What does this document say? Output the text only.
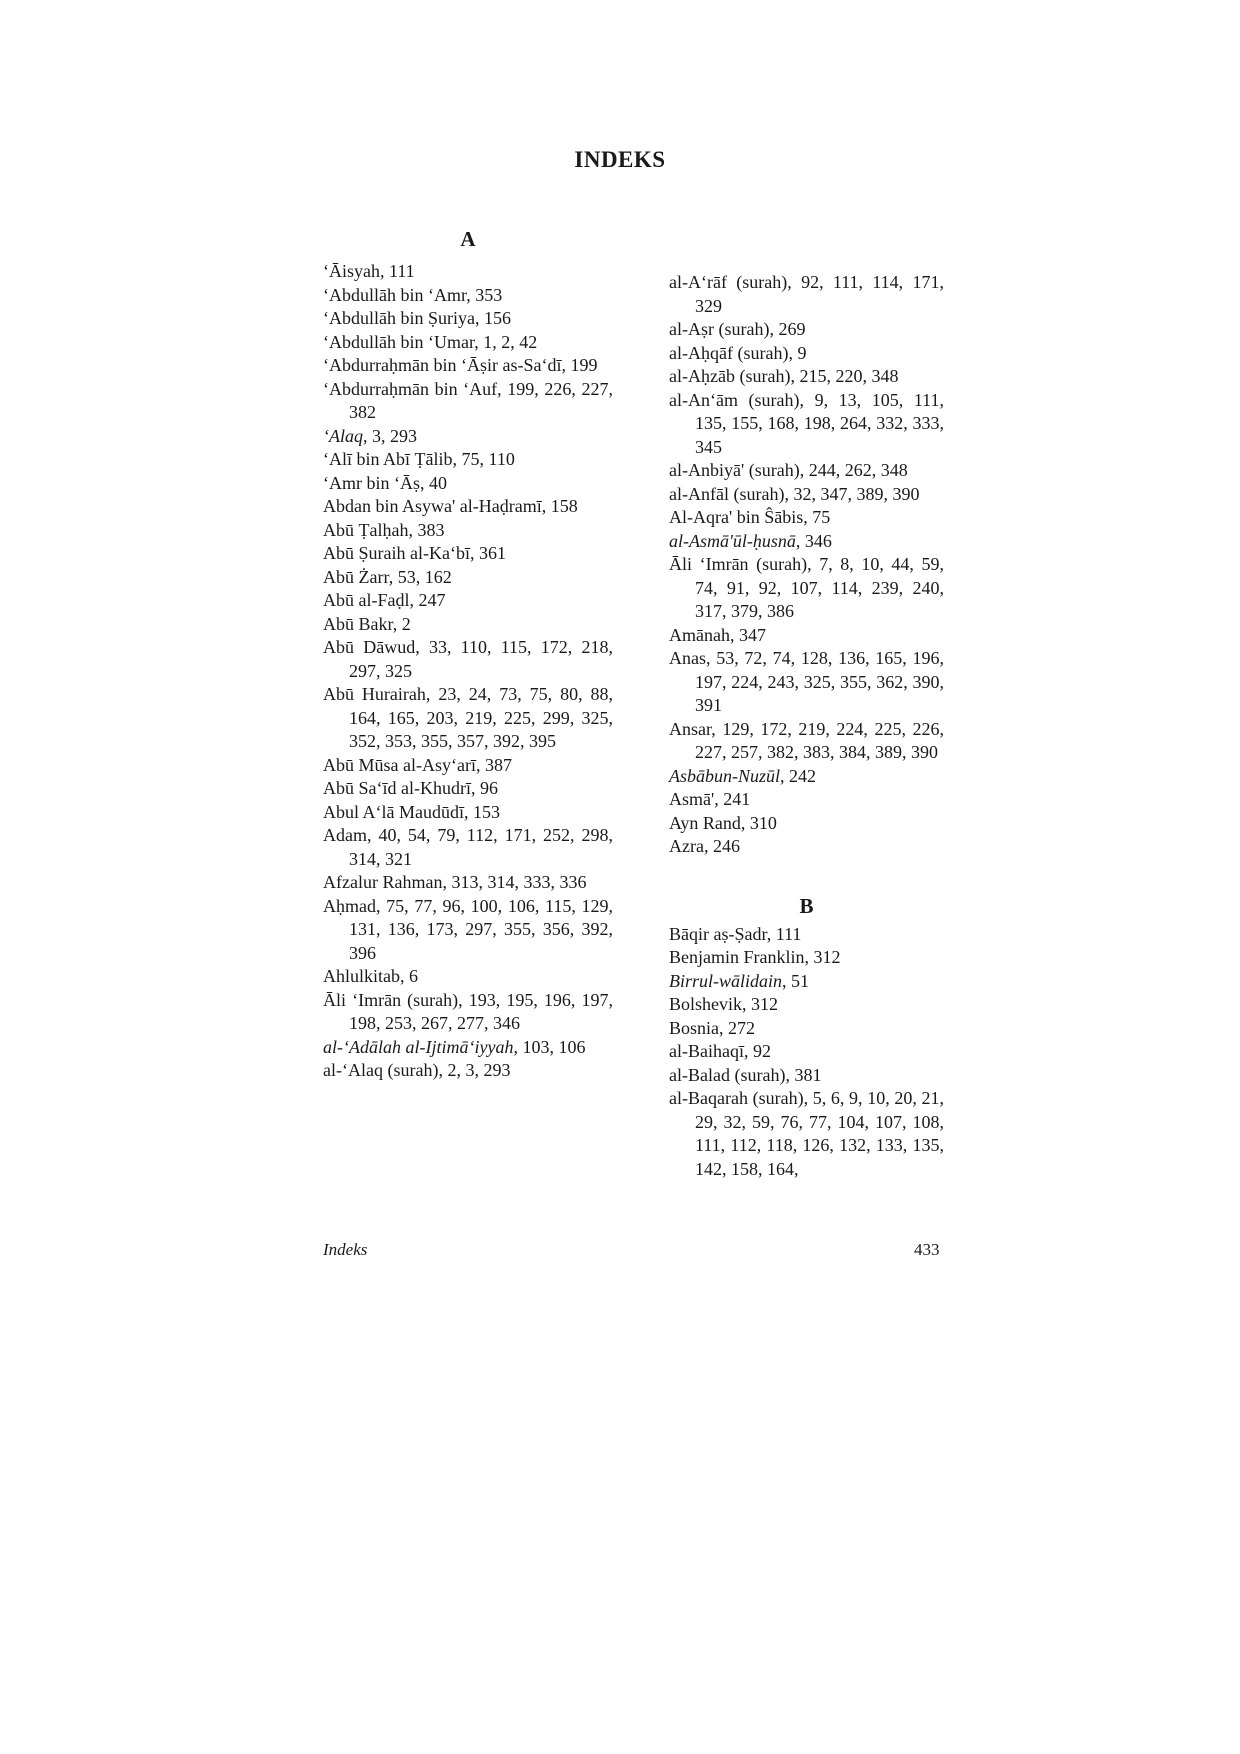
INDEKS
A
‘Āisyah, 111
‘Abdullāh bin ‘Amr, 353
‘Abdullāh bin Ṣuriya, 156
‘Abdullāh bin ‘Umar, 1, 2, 42
‘Abdurraḥmān bin ‘Āṣir as-Sa‘dī, 199
‘Abdurraḥmān bin ‘Auf, 199, 226, 227, 382
‘Alaq, 3, 293
‘Alī bin Abī Ṭālib, 75, 110
‘Amr bin ‘Āṣ, 40
Abdan bin Asywa' al-Haḍramī, 158
Abū Ṭalḥah, 383
Abū Ṣuraih al-Ka‘bī, 361
Abū Żarr, 53, 162
Abū al-Faḍl, 247
Abū Bakr, 2
Abū Dāwud, 33, 110, 115, 172, 218, 297, 325
Abū Hurairah, 23, 24, 73, 75, 80, 88, 164, 165, 203, 219, 225, 299, 325, 352, 353, 355, 357, 392, 395
Abū Mūsa al-Asy‘arī, 387
Abū Sa‘īd al-Khudrī, 96
Abul A‘lā Maudūdī, 153
Adam, 40, 54, 79, 112, 171, 252, 298, 314, 321
Afzalur Rahman, 313, 314, 333, 336
Aḥmad, 75, 77, 96, 100, 106, 115, 129, 131, 136, 173, 297, 355, 356, 392, 396
Ahlulkitab, 6
Āli ‘Imrān (surah), 193, 195, 196, 197, 198, 253, 267, 277, 346
al-‘Adālah al-Ijtimā‘iyyah, 103, 106
al-‘Alaq (surah), 2, 3, 293
al-A‘rāf (surah), 92, 111, 114, 171, 329
al-Aṣr (surah), 269
al-Aḥqāf (surah), 9
al-Aḥzāb (surah), 215, 220, 348
al-An‘ām (surah), 9, 13, 105, 111, 135, 155, 168, 198, 264, 332, 333, 345
al-Anbiyā' (surah), 244, 262, 348
al-Anfāl (surah), 32, 347, 389, 390
Al-Aqra' bin Ŝābis, 75
al-Asmā'ūl-ḥusnā, 346
Āli ‘Imrān (surah), 7, 8, 10, 44, 59, 74, 91, 92, 107, 114, 239, 240, 317, 379, 386
Amānah, 347
Anas, 53, 72, 74, 128, 136, 165, 196, 197, 224, 243, 325, 355, 362, 390, 391
Ansar, 129, 172, 219, 224, 225, 226, 227, 257, 382, 383, 384, 389, 390
Asbābun-Nuzūl, 242
Asmā', 241
Ayn Rand, 310
Azra, 246
B
Bāqir aṣ-Ṣadr, 111
Benjamin Franklin, 312
Birrul-wālidain, 51
Bolshevik, 312
Bosnia, 272
al-Baihaqī, 92
al-Balad (surah), 381
al-Baqarah (surah), 5, 6, 9, 10, 20, 21, 29, 32, 59, 76, 77, 104, 107, 108, 111, 112, 118, 126, 132, 133, 135, 142, 158, 164,
Indeks	433
